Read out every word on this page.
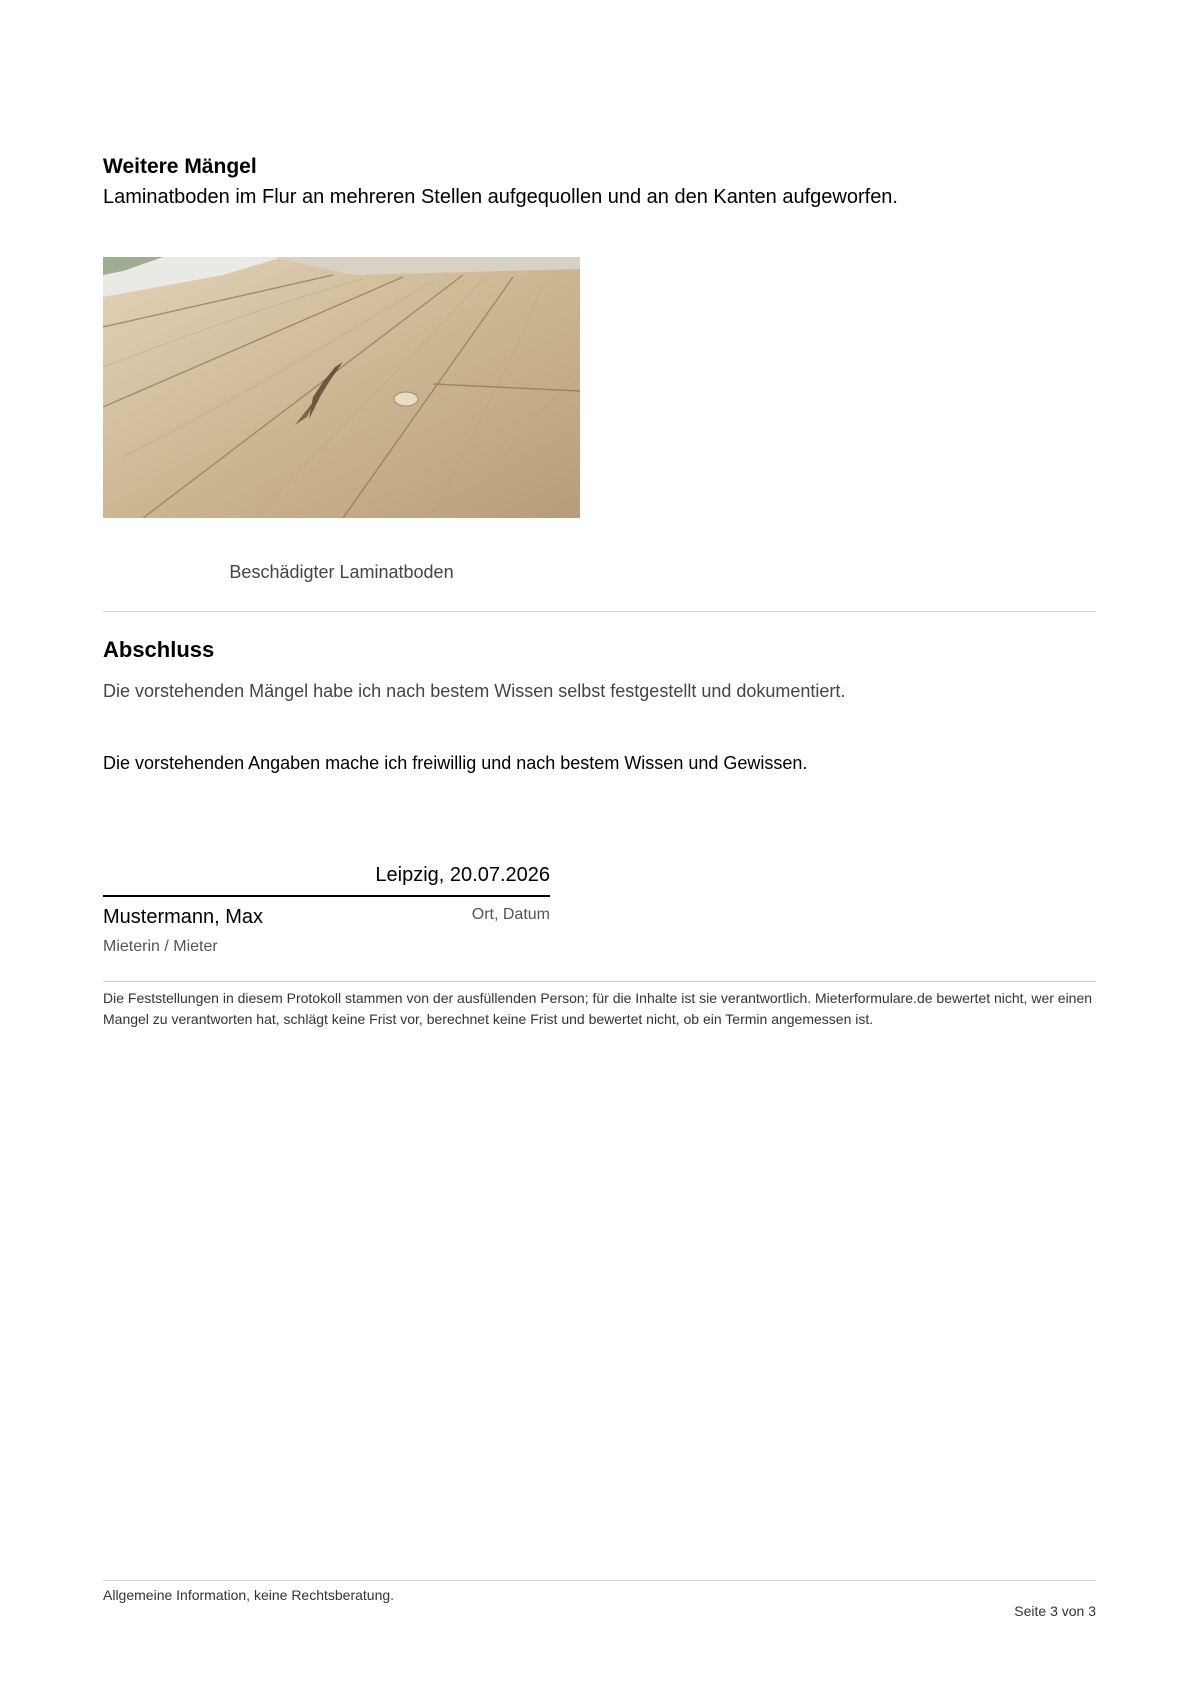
Weitere Mängel
Laminatboden im Flur an mehreren Stellen aufgequollen und an den Kanten aufgeworfen.
Beschädigter Laminatboden
Abschluss
Die vorstehenden Mängel habe ich nach bestem Wissen selbst festgestellt und dokumentiert.
Die vorstehenden Angaben mache ich freiwillig und nach bestem Wissen und Gewissen.
Leipzig, 20.07.2026
Mustermann, Max	Ort, Datum
Mieterin / Mieter
Die Feststellungen in diesem Protokoll stammen von der ausfüllenden Person; für die Inhalte ist sie verantwortlich. Mieterformulare.de bewertet nicht, wer einen Mangel zu verantworten hat, schlägt keine Frist vor, berechnet keine Frist und bewertet nicht, ob ein Termin angemessen ist.
Allgemeine Information, keine Rechtsberatung.
Seite 3 von 3
